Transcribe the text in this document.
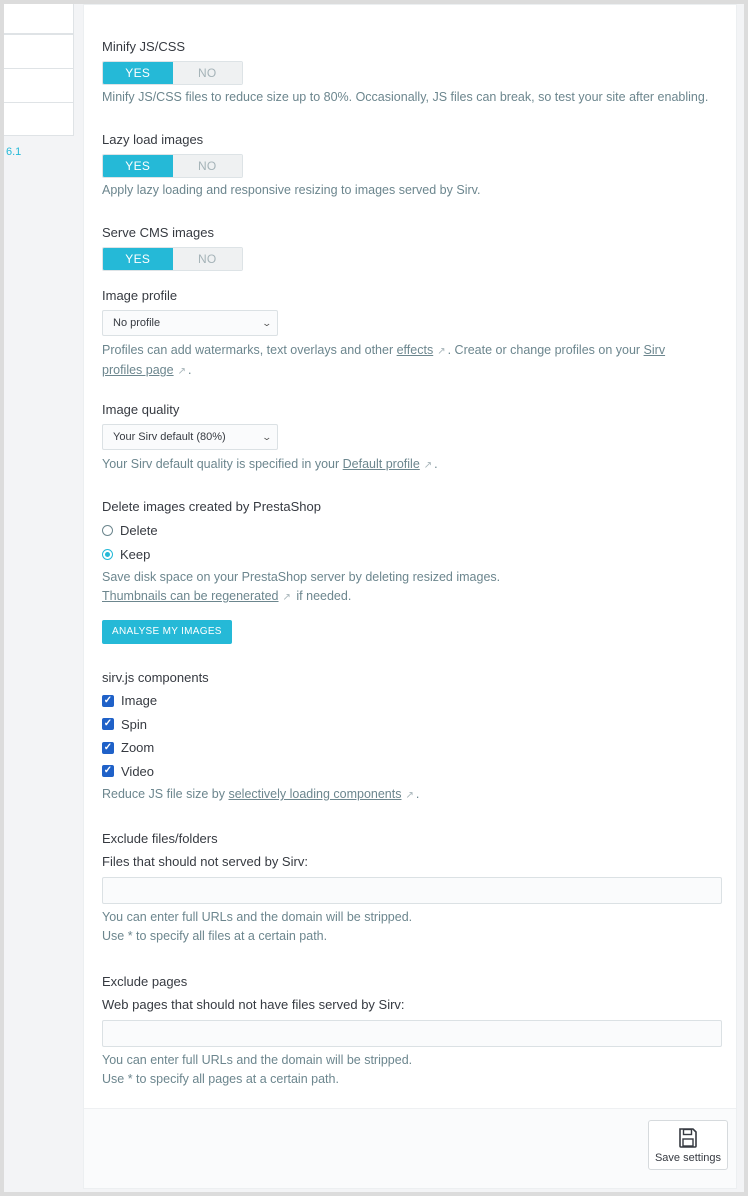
6.1
Minify JS/CSS
YES	NO
Minify JS/CSS files to reduce size up to 80%. Occasionally, JS files can break, so test your site after enabling.
Lazy load images
YES	NO
Apply lazy loading and responsive resizing to images served by Sirv.
Serve CMS images
YES	NO
Image profile
No profile	⌄
Profiles can add watermarks, text overlays and other effects ↗ . Create or change profiles on your Sirv
profiles page ↗ .
Image quality
Your Sirv default (80%)	⌄
Your Sirv default quality is specified in your Default profile ↗ .
Delete images created by PrestaShop
Delete
Keep
Save disk space on your PrestaShop server by deleting resized images.
Thumbnails can be regenerated ↗ if needed.
ANALYSE MY IMAGES
sirv.js components
✓ Image
✓ Spin
✓ Zoom
✓ Video
Reduce JS file size by selectively loading components ↗ .
Exclude files/folders
Files that should not served by Sirv:
You can enter full URLs and the domain will be stripped.
Use * to specify all files at a certain path.
Exclude pages
Web pages that should not have files served by Sirv:
You can enter full URLs and the domain will be stripped.
Use * to specify all pages at a certain path.
Save settings
